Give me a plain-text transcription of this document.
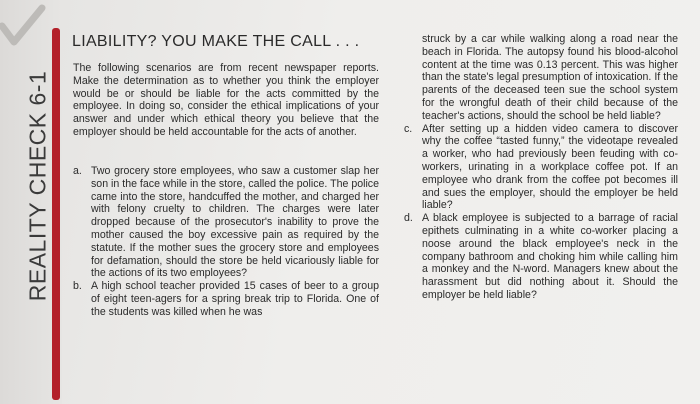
REALITY CHECK 6-1
LIABILITY? YOU MAKE THE CALL . . .

The following scenarios are from recent newspaper reports. Make the determination as to whether you think the employer would be or should be liable for the acts committed by the employee. In doing so, consider the ethical implications of your answer and under which ethical theory you believe that the employer should be held accountable for the acts of another.

a. Two grocery store employees, who saw a customer slap her son in the face while in the store, called the police. The police came into the store, handcuffed the mother, and charged her with felony cruelty to children. The charges were later dropped because of the prosecutor's inability to prove the mother caused the boy excessive pain as required by the statute. If the mother sues the grocery store and employees for defamation, should the store be held vicariously liable for the actions of its two employees?
b. A high school teacher provided 15 cases of beer to a group of eight teen-agers for a spring break trip to Florida. One of the students was killed when he was

struck by a car while walking along a road near the beach in Florida. The autopsy found his blood-alcohol content at the time was 0.13 percent. This was higher than the state's legal presumption of intoxication. If the parents of the deceased teen sue the school system for the wrongful death of their child because of the teacher's actions, should the school be held liable?

c. After setting up a hidden video camera to discover why the coffee “tasted funny,” the videotape revealed a worker, who had previously been feuding with co-workers, urinating in a workplace coffee pot. If an employee who drank from the coffee pot becomes ill and sues the employer, should the employer be held liable?
d. A black employee is subjected to a barrage of racial epithets culminating in a white co-worker placing a noose around the black employee's neck in the company bathroom and choking him while calling him a monkey and the N-word. Managers knew about the harassment but did nothing about it. Should the employer be held liable?
